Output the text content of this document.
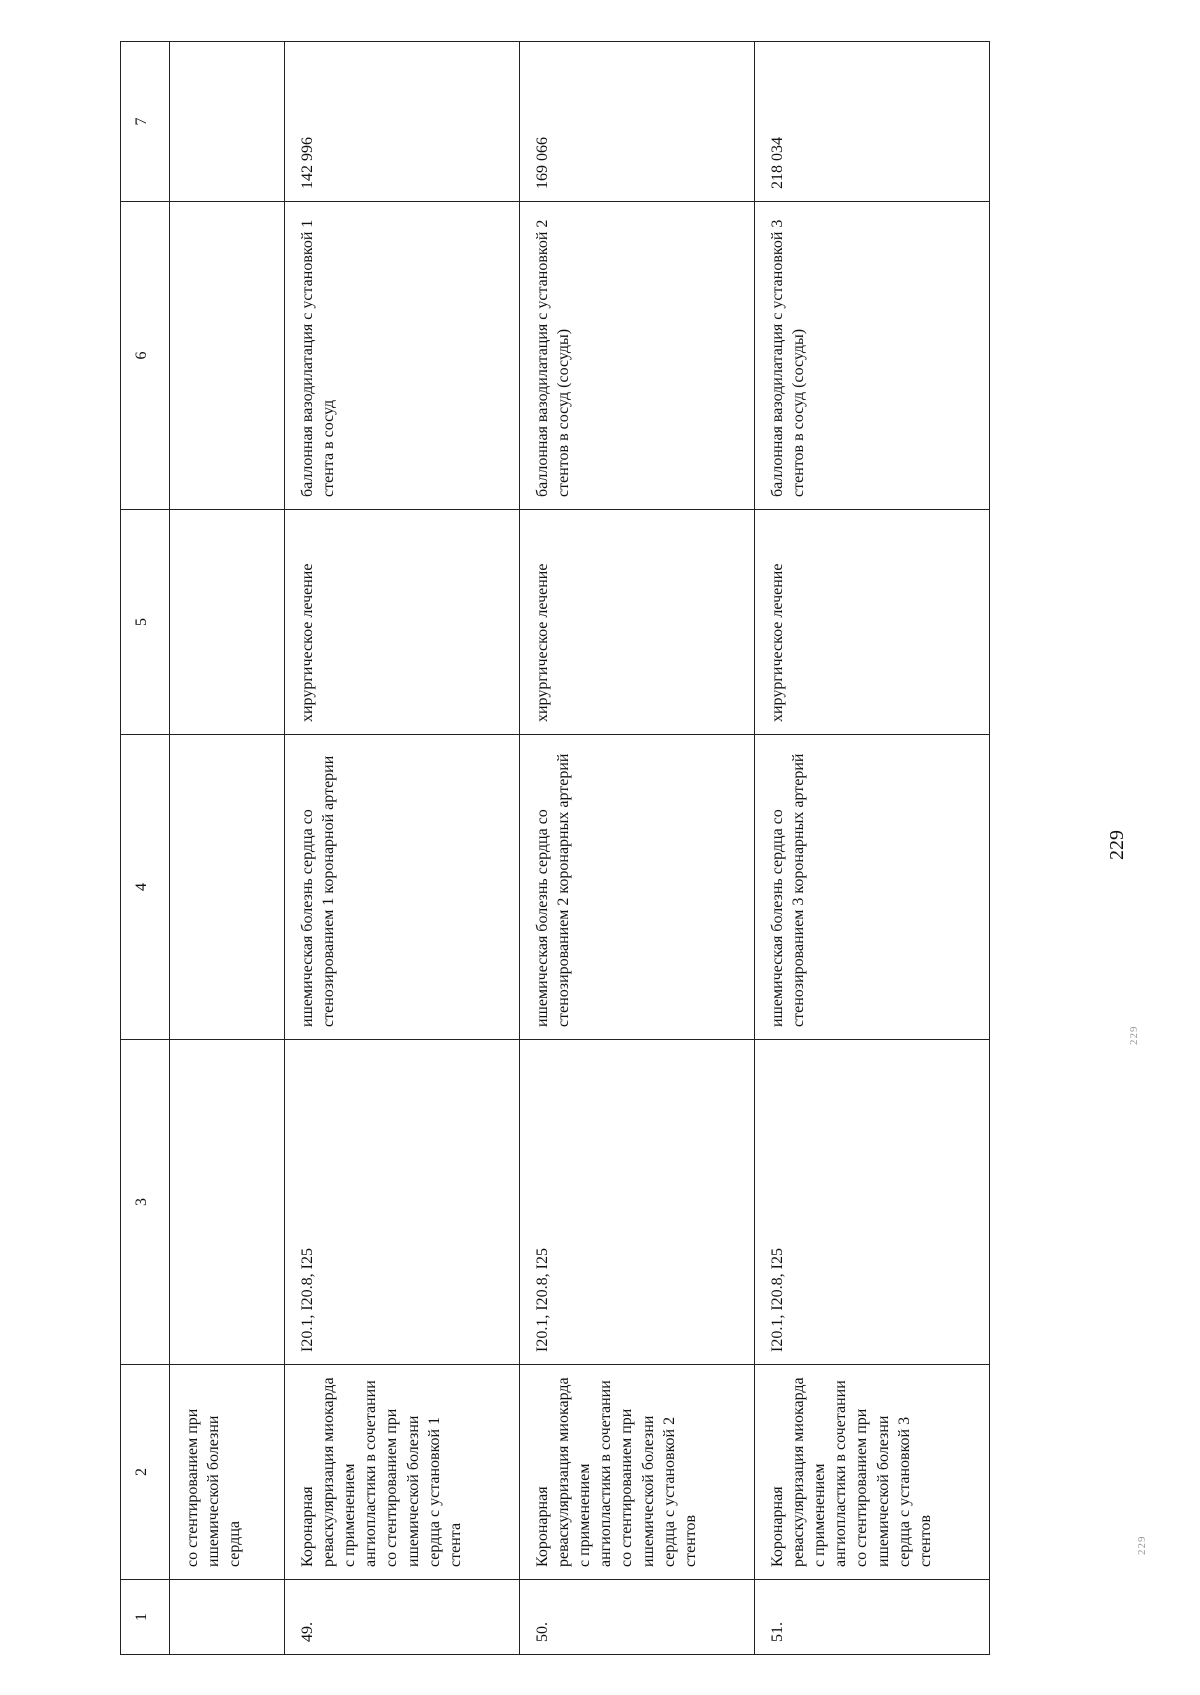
229
229
229
1	2	3	4	5	6	7
	со стентированием при ишемической болезни сердца					
49.	Коронарная реваскуляризация миокарда с применением ангиопластики в сочетании со стентированием при ишемической болезни сердца с установкой 1 стента	I20.1, I20.8, I25	ишемическая болезнь сердца со стенозированием 1 коронарной артерии	хирургическое лечение	баллонная вазодилатация с установкой 1 стента в сосуд	142 996
50.	Коронарная реваскуляризация миокарда с применением ангиопластики в сочетании со стентированием при ишемической болезни сердца с установкой 2 стентов	I20.1, I20.8, I25	ишемическая болезнь сердца со стенозированием 2 коронарных артерий	хирургическое лечение	баллонная вазодилатация с установкой 2 стентов в сосуд (сосуды)	169 066
51.	Коронарная реваскуляризация миокарда с применением ангиопластики в сочетании со стентированием при ишемической болезни сердца с установкой 3 стентов	I20.1, I20.8, I25	ишемическая болезнь сердца со стенозированием 3 коронарных артерий	хирургическое лечение	баллонная вазодилатация с установкой 3 стентов в сосуд (сосуды)	218 034
